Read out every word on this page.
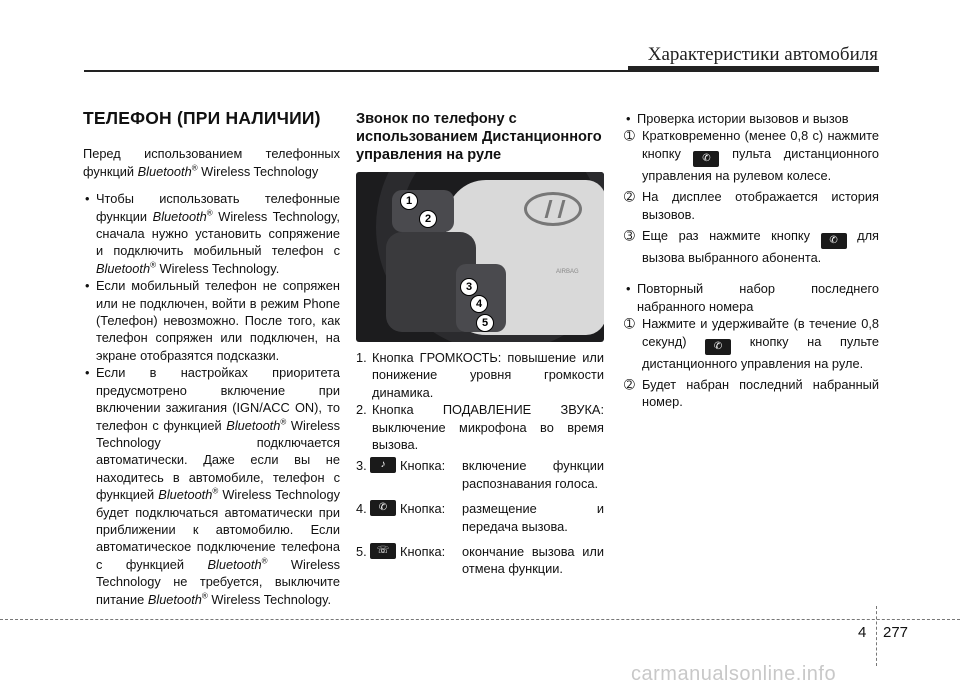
Характеристики автомобиля
ТЕЛЕФОН (ПРИ НАЛИЧИИ)

Перед использованием телефонных функций Bluetooth® Wireless Technology

• Чтобы использовать телефонные функции Bluetooth® Wireless Technology, сначала нужно установить сопряжение и подключить мобильный телефон с Bluetooth® Wireless Technology.
• Если мобильный телефон не сопряжен или не подключен, войти в режим Phone (Телефон) невозможно. После того, как телефон сопряжен или подключен, на экране отобразятся подсказки.
• Если в настройках приоритета предусмотрено включение при включении зажигания (IGN/ACC ON), то телефон с функцией Bluetooth® Wireless Technology подключается автоматически. Даже если вы не находитесь в автомобиле, телефон с функцией Bluetooth® Wireless Technology будет подключаться автоматически при приближении к автомобилю. Если автоматическое подключение телефона с функцией Bluetooth® Wireless Technology не требуется, выключите питание Bluetooth® Wireless Technology.
Звонок по телефону с использованием Дистанционного управления на руле
AIRBAG
1
2
3
4
5
1. Кнопка ГРОМКОСТЬ: повышение или понижение уровня громкости динамика.
2. Кнопка ПОДАВЛЕНИЕ ЗВУКА: выключение микрофона во время вызова.
3. ♪	Кнопка:	включение функции распознавания голоса.
4. ✆	Кнопка:	размещение и передача вызова.
5. ☏	Кнопка:	окончание вызова или отмена функции.
• Проверка истории вызовов и вызов
➀ Кратковременно (менее 0,8 с) нажмите кнопку ✆ пульта дистанционного управления на рулевом колесе.
➁ На дисплее отображается история вызовов.
➂ Еще раз нажмите кнопку ✆ для вызова выбранного абонента.
• Повторный набор последнего набранного номера
➀ Нажмите и удерживайте (в течение 0,8 секунд) ✆ кнопку на пульте дистанционного управления на руле.
➁ Будет набран последний набранный номер.
4 277
carmanualsonline.info
